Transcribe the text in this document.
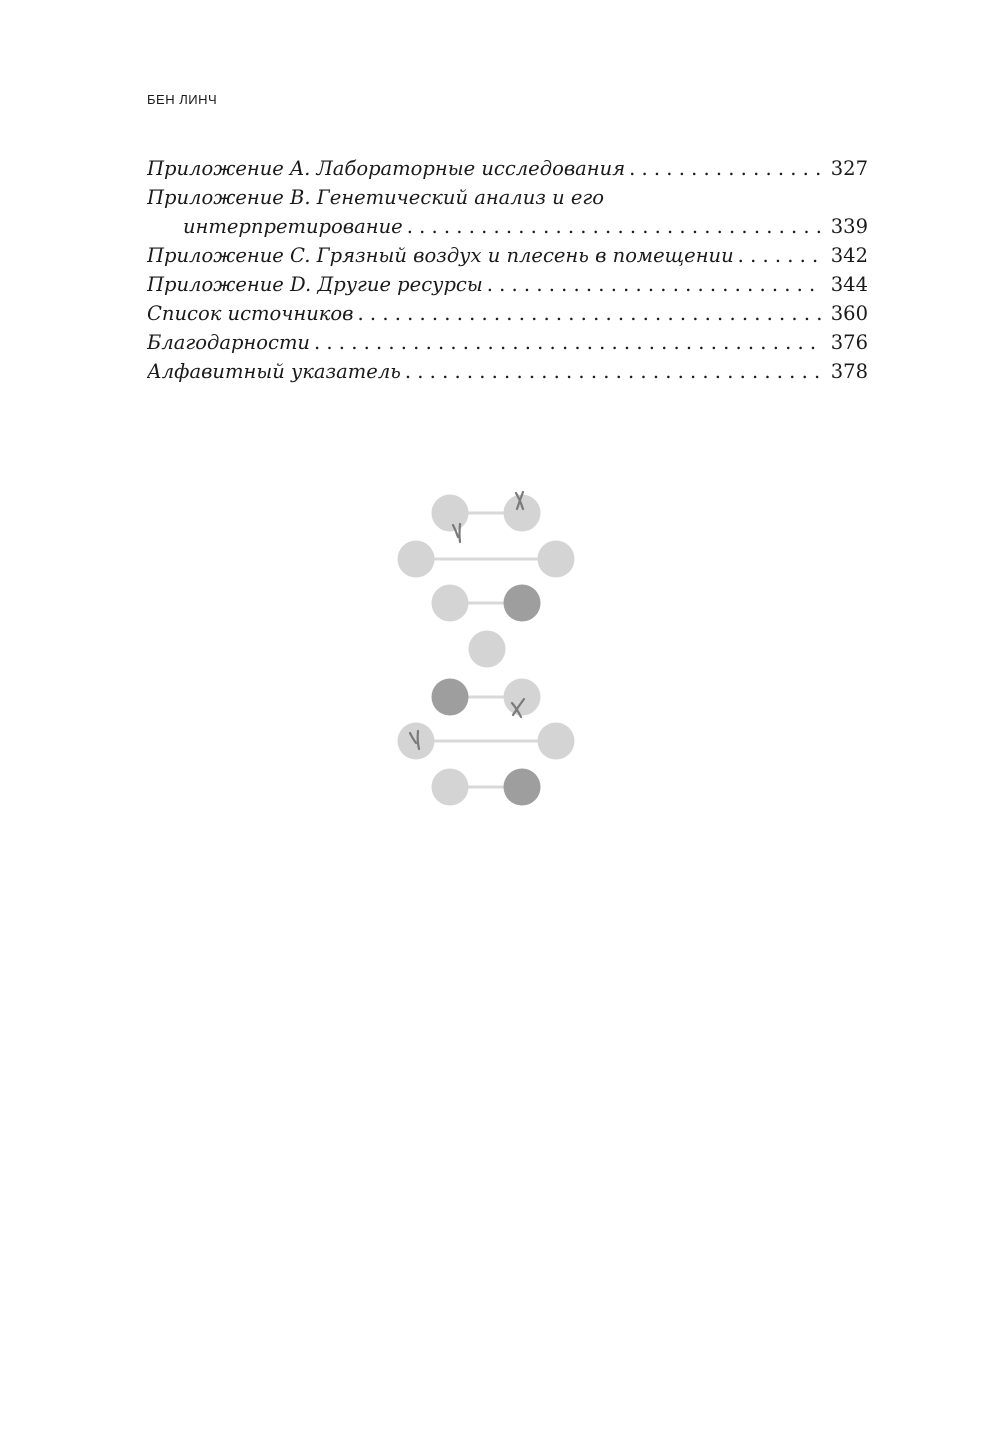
БЕН ЛИНЧ
Приложение A. Лабораторные исследования . . .	327
Приложение B. Генетический анализ и его
интерпретирование . . .	339
Приложение C. Грязный воздух и плесень в помещении . . .	342
Приложение D. Другие ресурсы . . .	344
Список источников . . .	360
Благодарности . . .	376
Алфавитный указатель . . .	378
